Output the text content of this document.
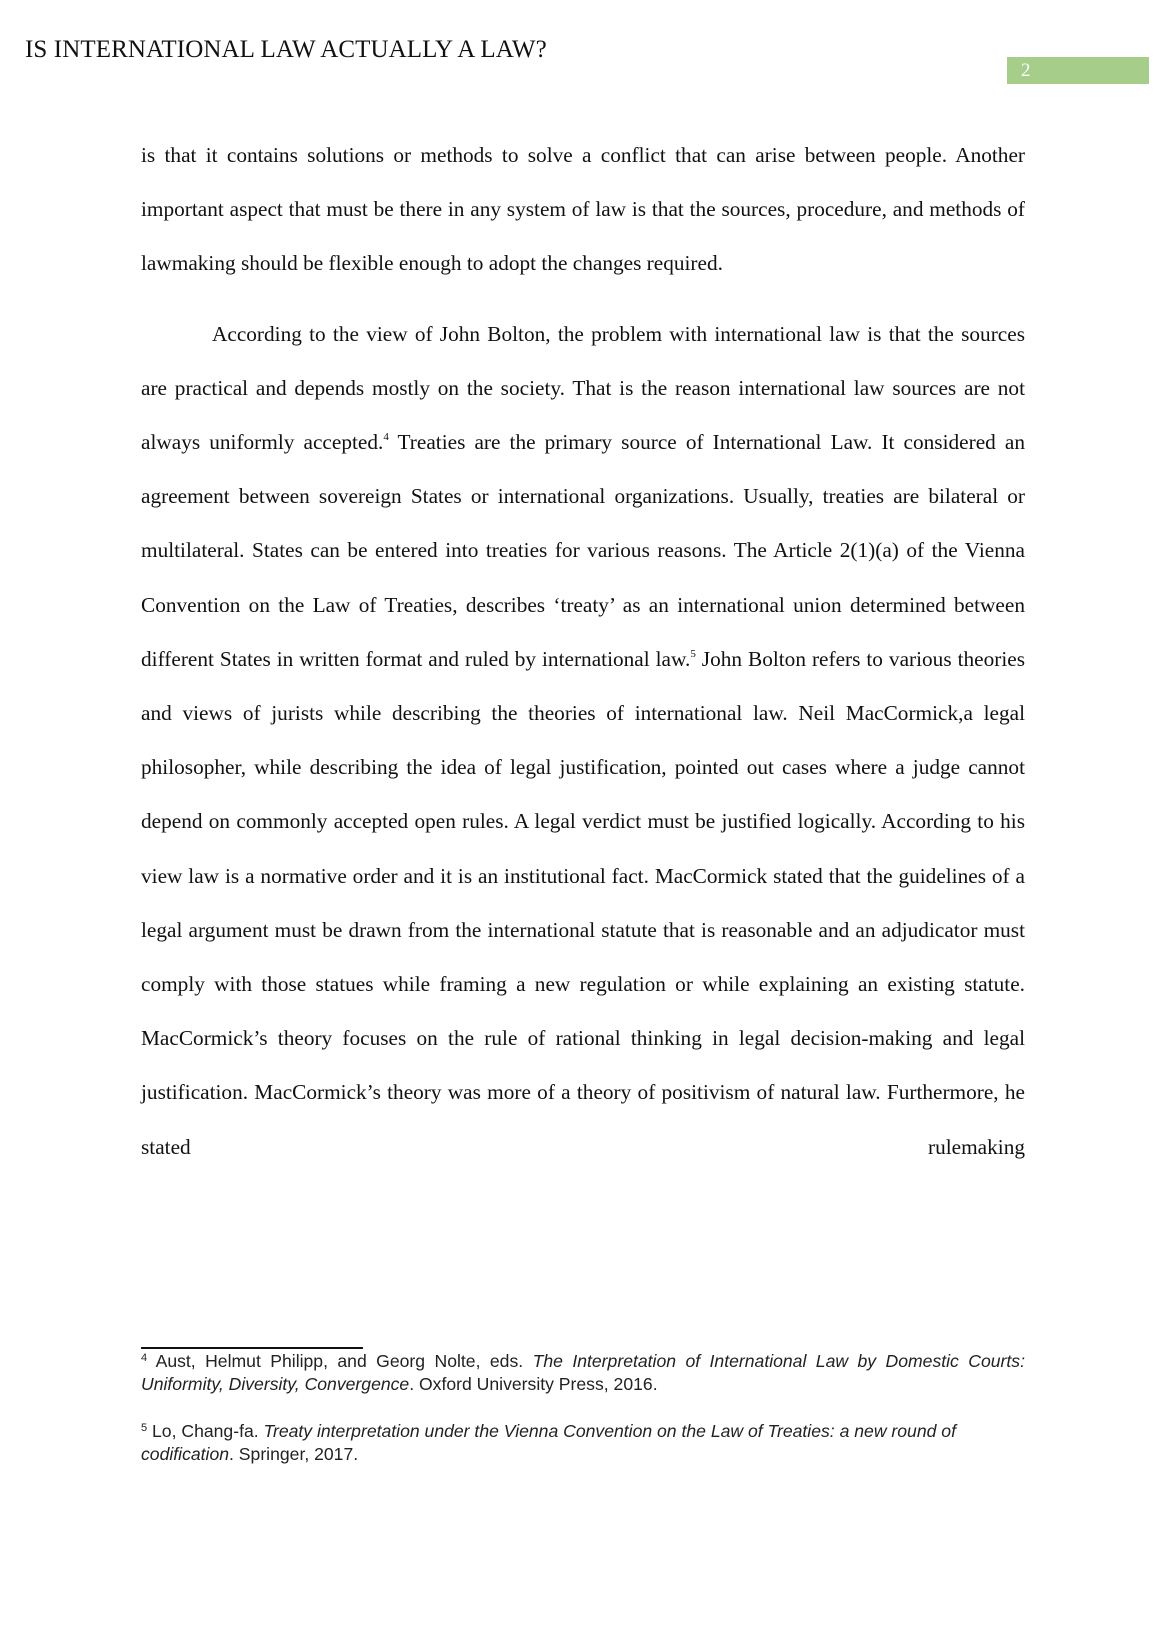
IS INTERNATIONAL LAW ACTUALLY A LAW?
2

is that it contains solutions or methods to solve a conflict that can arise between people. Another important aspect that must be there in any system of law is that the sources, procedure, and methods of lawmaking should be flexible enough to adopt the changes required.

According to the view of John Bolton, the problem with international law is that the sources are practical and depends mostly on the society. That is the reason international law sources are not always uniformly accepted.$^4$ Treaties are the primary source of International Law. It considered an agreement between sovereign States or international organizations. Usually, treaties are bilateral or multilateral. States can be entered into treaties for various reasons. The Article 2(1)(a) of the Vienna Convention on the Law of Treaties, describes ‘treaty’ as an international union determined between different States in written format and ruled by international law.$^5$ John Bolton refers to various theories and views of jurists while describing the theories of international law. Neil MacCormick,a legal philosopher, while describing the idea of legal justification, pointed out cases where a judge cannot depend on commonly accepted open rules. A legal verdict must be justified logically. According to his view law is a normative order and it is an institutional fact. MacCormick stated that the guidelines of a legal argument must be drawn from the international statute that is reasonable and an adjudicator must comply with those statues while framing a new regulation or while explaining an existing statute. MacCormick’s theory focuses on the rule of rational thinking in legal decision-making and legal justification. MacCormick’s theory was more of a theory of positivism of natural law. Furthermore, he stated rulemaking

$^4$ Aust, Helmut Philipp, and Georg Nolte, eds. The Interpretation of International Law by Domestic Courts: Uniformity, Diversity, Convergence. Oxford University Press, 2016.

$^5$ Lo, Chang-fa. Treaty interpretation under the Vienna Convention on the Law of Treaties: a new round of codification. Springer, 2017.
